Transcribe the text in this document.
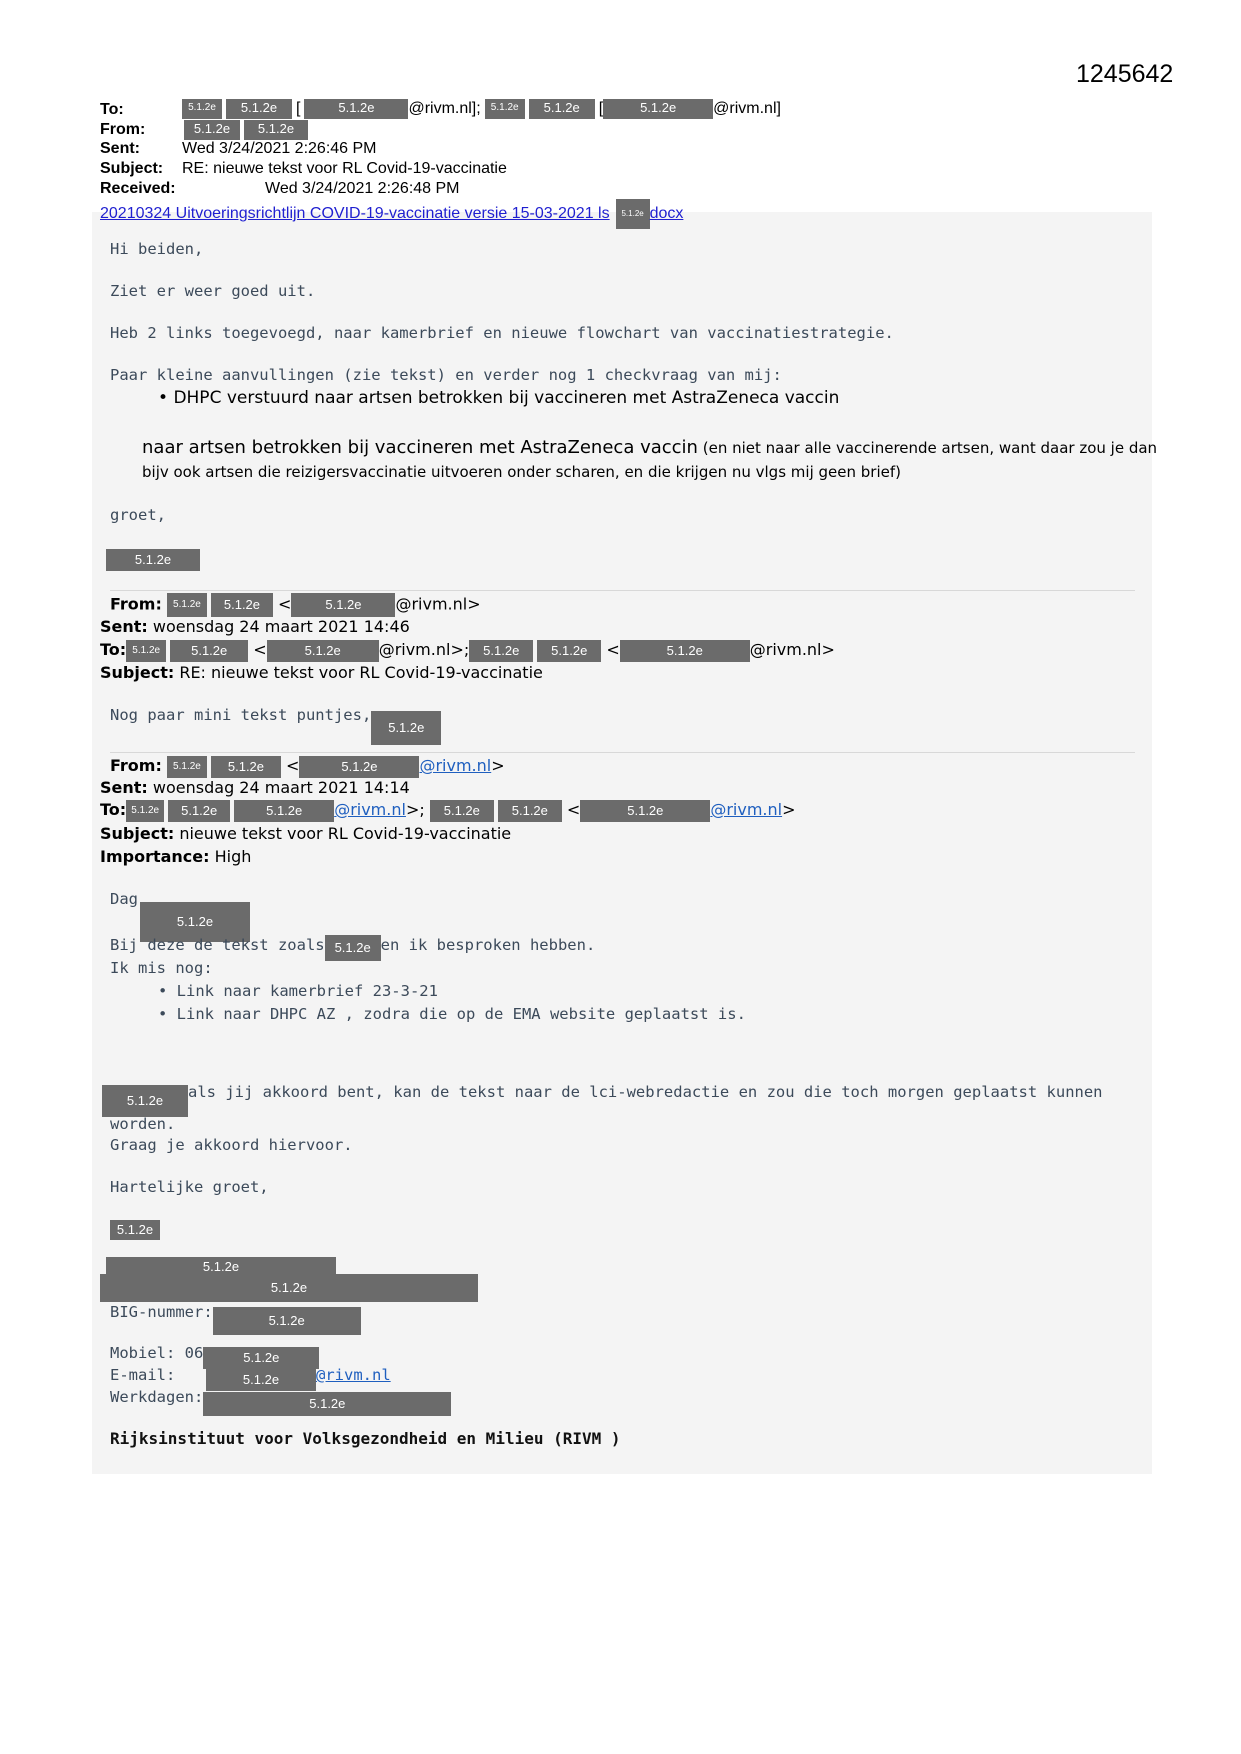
1245642
To:	5.1.2e 5.1.2e [	5.1.2e @rivm.nl]; 5.1.2e 5.1.2e [	5.1.2e @rivm.nl]
From:	5.1.2e 5.1.2e
Sent:	Wed 3/24/2021 2:26:46 PM
Subject: RE: nieuwe tekst voor RL Covid-19-vaccinatie
Received:	Wed 3/24/2021 2:26:48 PM
20210324 Uitvoeringsrichtlijn COVID-19-vaccinatie versie 15-03-2021 ls 5.1.2e docx
Hi beiden,
Ziet er weer goed uit.
Heb 2 links toegevoegd, naar kamerbrief en nieuwe flowchart van vaccinatiestrategie.
Paar kleine aanvullingen (zie tekst) en verder nog 1 checkvraag van mij:
• DHPC verstuurd naar artsen betrokken bij vaccineren met AstraZeneca vaccin
naar artsen betrokken bij vaccineren met AstraZeneca vaccin (en niet naar alle vaccinerende artsen, want daar zou je dan
bijv ook artsen die reizigersvaccinatie uitvoeren onder scharen, en die krijgen nu vlgs mij geen brief)
groet,
5.1.2e
From: 5.1.2e 5.1.2e <	5.1.2e @rivm.nl>
Sent: woensdag 24 maart 2021 14:46
To: 5.1.2e 5.1.2e <	5.1.2e @rivm.nl>; 5.1.2e 5.1.2e <	5.1.2e	@rivm.nl>
Subject: RE: nieuwe tekst voor RL Covid-19-vaccinatie
Nog paar mini tekst puntjes,5.1.2e
From: 5.1.2e 5.1.2e <	5.1.2e	@rivm.nl>
Sent: woensdag 24 maart 2021 14:14
To: 5.1.2e 5.1.2e	5.1.2e @rivm.nl>; 5.1.2e 5.1.2e <	5.1.2e	@rivm.nl>
Subject: nieuwe tekst voor RL Covid-19-vaccinatie
Importance: High
Dag5.1.2e
Bij deze de tekst zoals 5.1.2e en ik besproken hebben.
Ik mis nog:
• Link naar kamerbrief 23-3-21
• Link naar DHPC AZ , zodra die op de EMA website geplaatst is.
5.1.2e als jij akkoord bent, kan de tekst naar de lci-webredactie en zou die toch morgen geplaatst kunnen
worden.
Graag je akkoord hiervoor.
Hartelijke groet,
5.1.2e
5.1.2e
5.1.2e
BIG-nummer:	5.1.2e
Mobiel: 06	5.1.2e
E-mail:	5.1.2e @rivm.nl
Werkdagen:	5.1.2e
Rijksinstituut voor Volksgezondheid en Milieu (RIVM )
